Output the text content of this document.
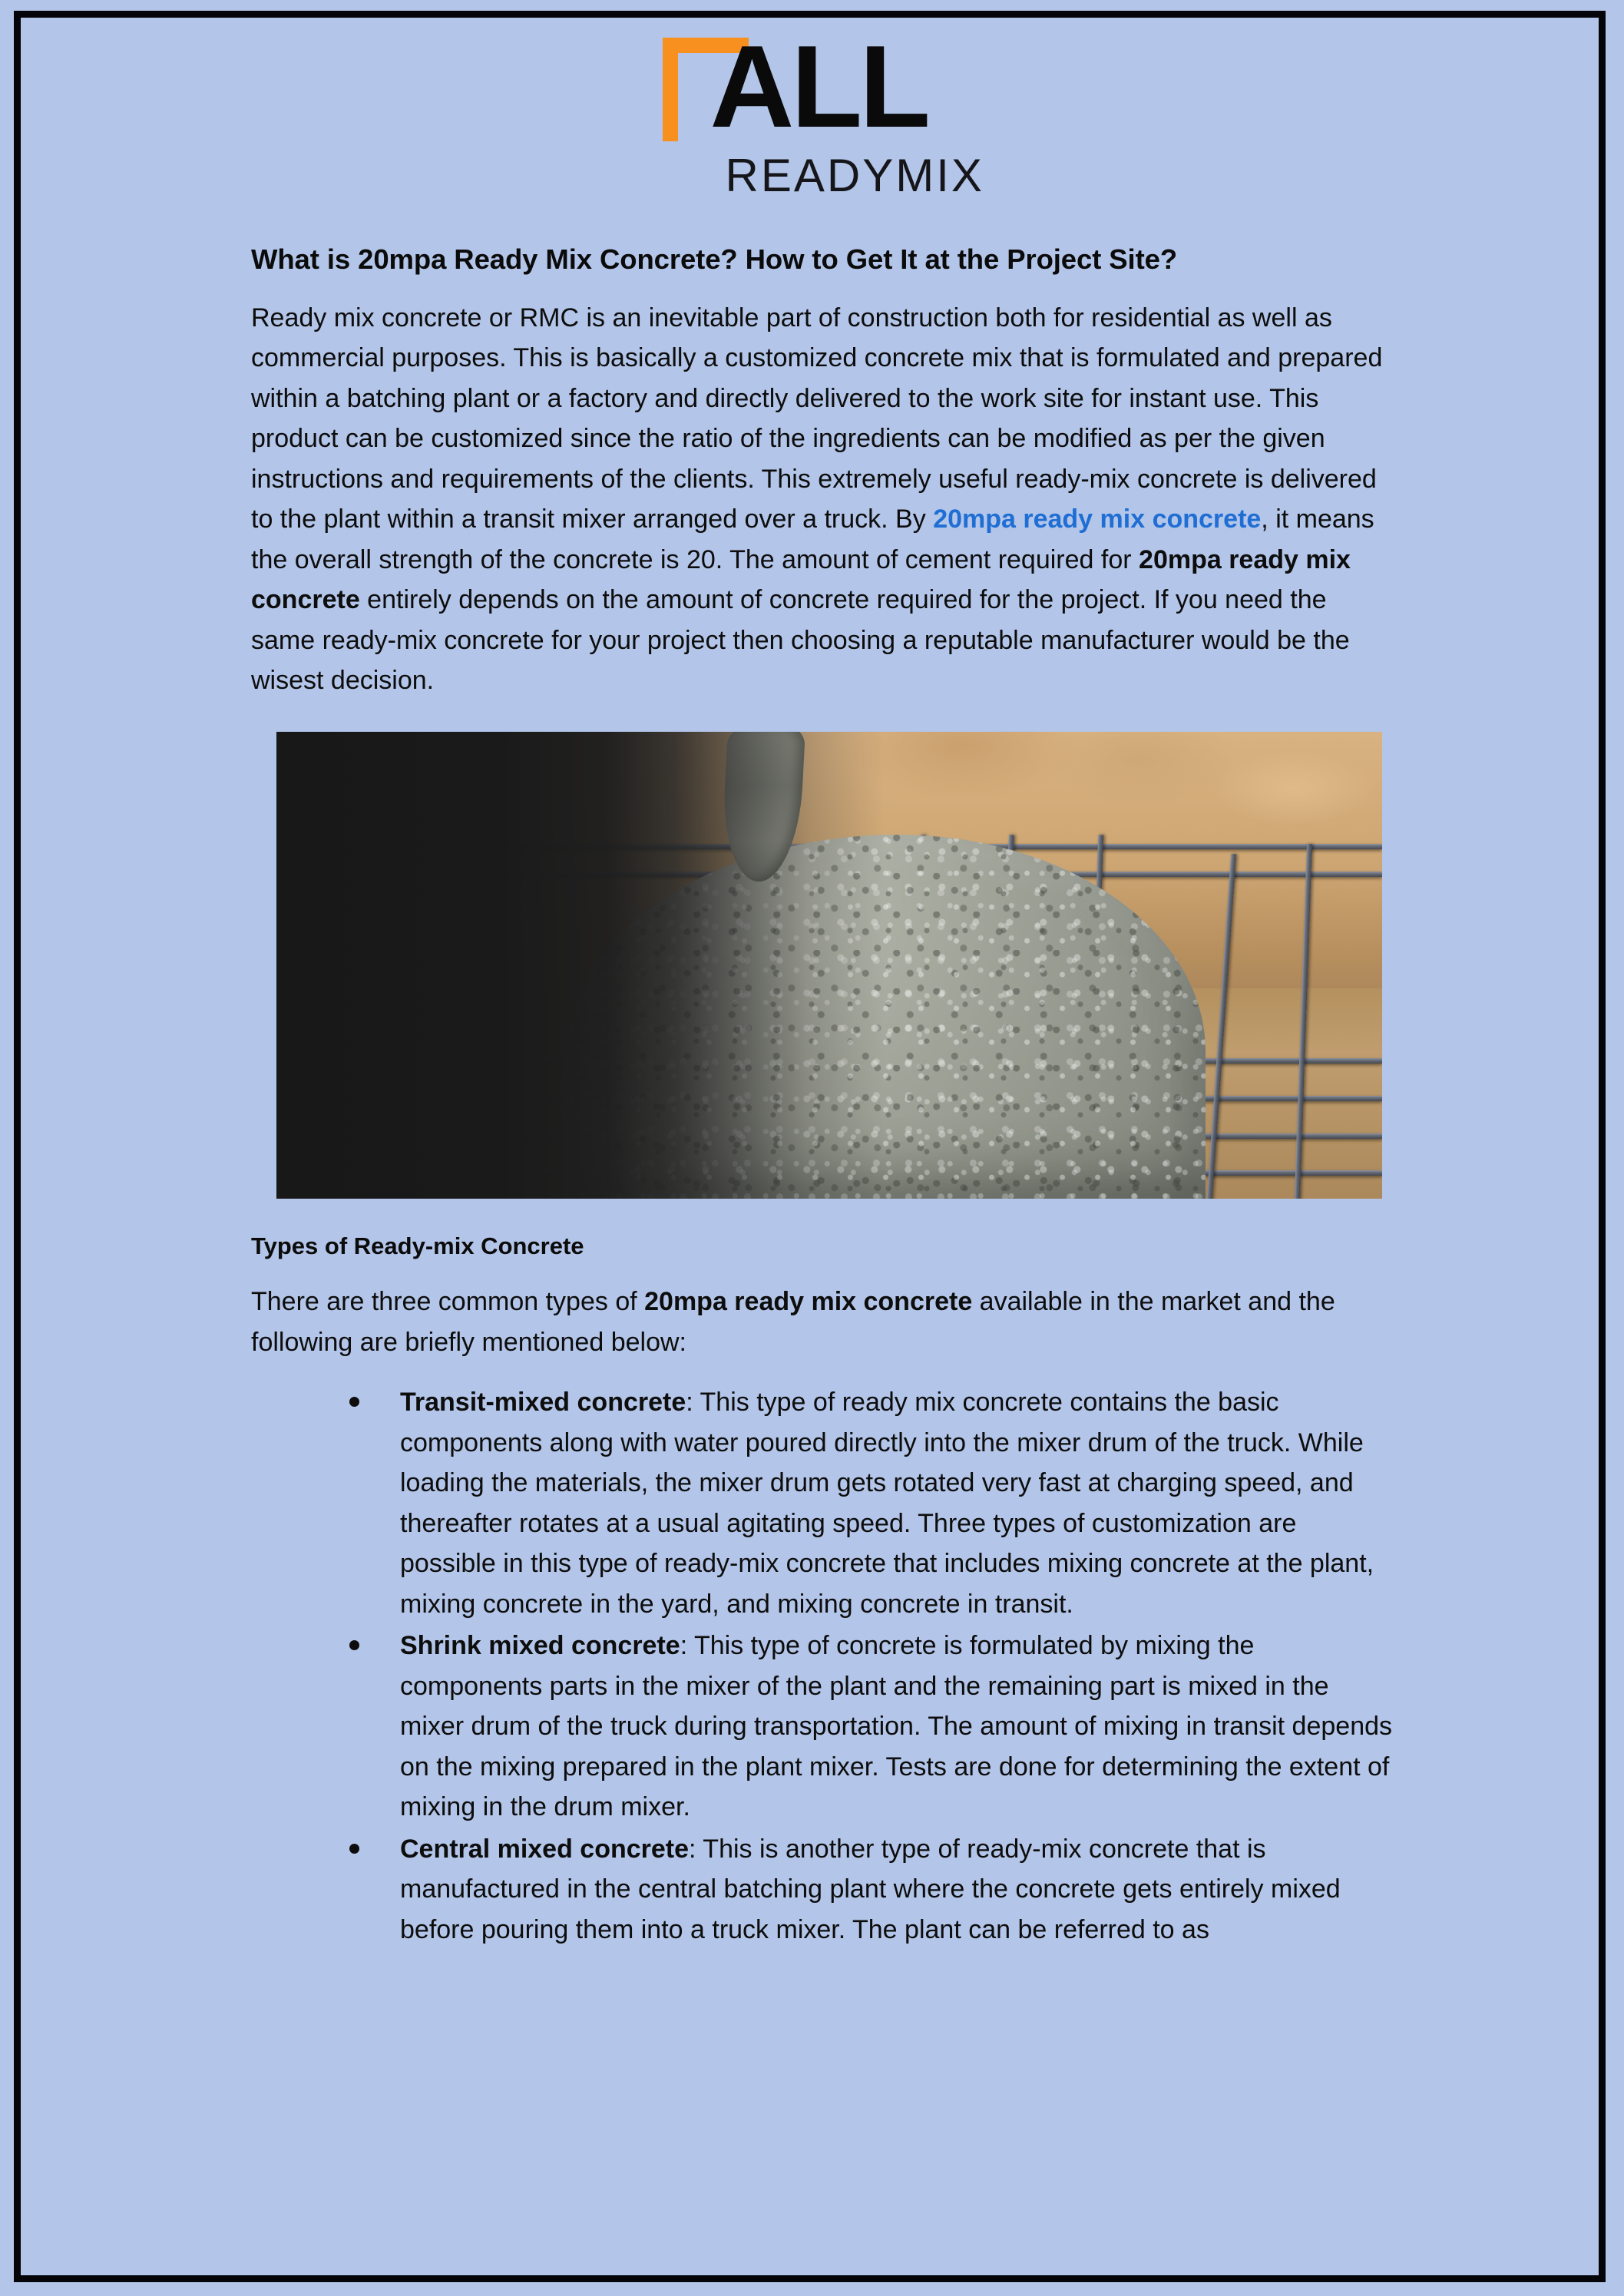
ALL
READYMIX
What is 20mpa Ready Mix Concrete? How to Get It at the Project Site?

Ready mix concrete or RMC is an inevitable part of construction both for residential as well as commercial purposes. This is basically a customized concrete mix that is formulated and prepared within a batching plant or a factory and directly delivered to the work site for instant use. This product can be customized since the ratio of the ingredients can be modified as per the given instructions and requirements of the clients. This extremely useful ready-mix concrete is delivered to the plant within a transit mixer arranged over a truck. By 20mpa ready mix concrete, it means the overall strength of the concrete is 20. The amount of cement required for 20mpa ready mix concrete entirely depends on the amount of concrete required for the project. If you need the same ready-mix concrete for your project then choosing a reputable manufacturer would be the wisest decision.

Types of Ready-mix Concrete

There are three common types of 20mpa ready mix concrete available in the market and the following are briefly mentioned below:

Transit-mixed concrete: This type of ready mix concrete contains the basic components along with water poured directly into the mixer drum of the truck. While loading the materials, the mixer drum gets rotated very fast at charging speed, and thereafter rotates at a usual agitating speed. Three types of customization are possible in this type of ready-mix concrete that includes mixing concrete at the plant, mixing concrete in the yard, and mixing concrete in transit.
Shrink mixed concrete: This type of concrete is formulated by mixing the components parts in the mixer of the plant and the remaining part is mixed in the mixer drum of the truck during transportation. The amount of mixing in transit depends on the mixing prepared in the plant mixer. Tests are done for determining the extent of mixing in the drum mixer.
Central mixed concrete: This is another type of ready-mix concrete that is manufactured in the central batching plant where the concrete gets entirely mixed before pouring them into a truck mixer. The plant can be referred to as
